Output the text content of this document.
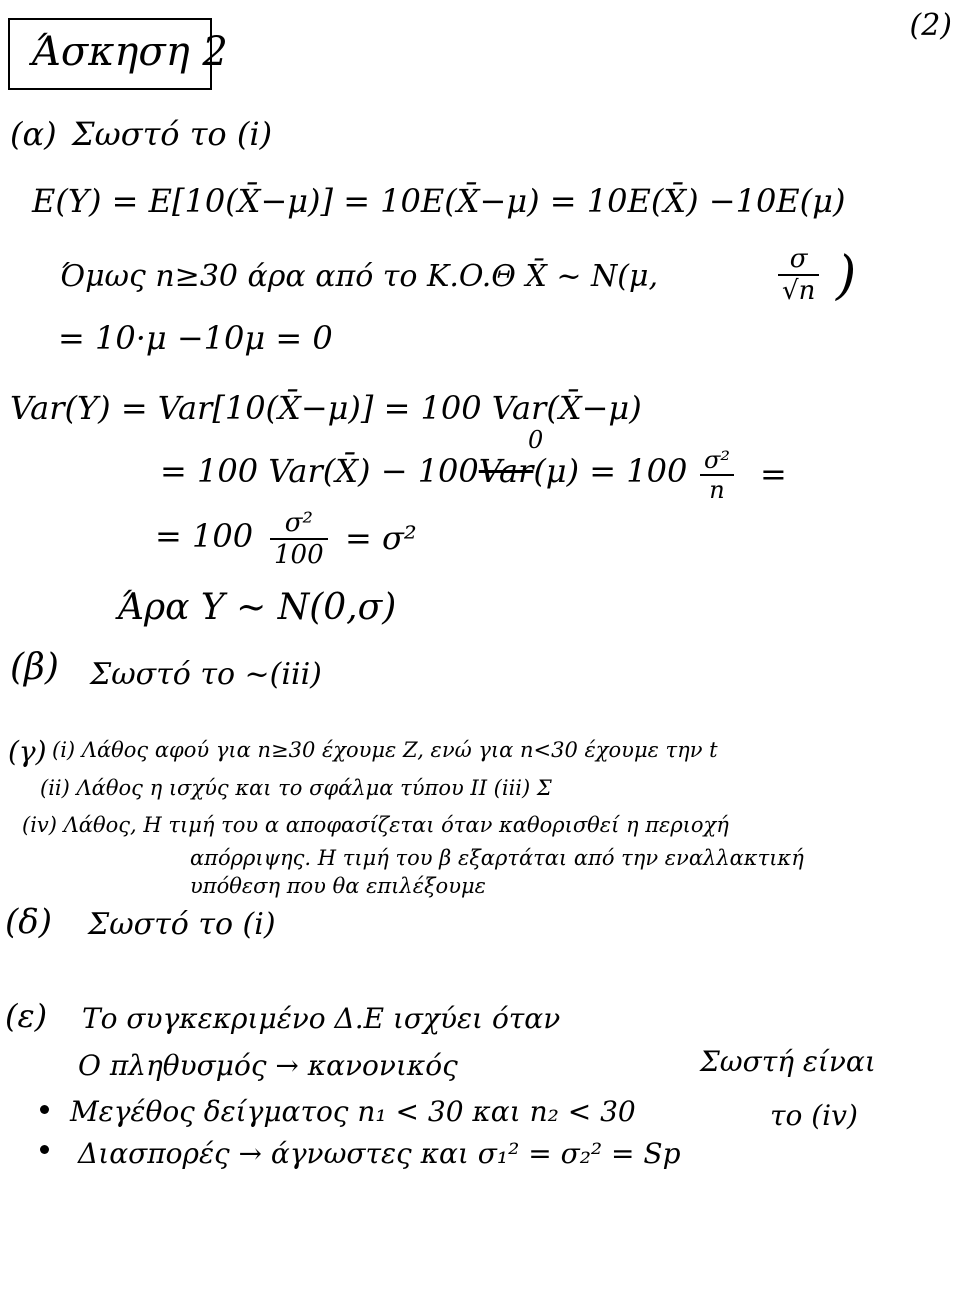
Άσκηση 2
(2)
(α) Σωστό το (i)
E(Y) = E[10(X̄−μ)] = 10E(X̄−μ) = 10E(X̄) −10E(μ)
Όμως n≥30 άρα από το K.O.Θ X̄ ~ N(μ,	$\frac{\sigma}{√n}$ )
= 10·μ −10μ = 0
Var(Y) = Var[10(X̄−μ)] = 100 Var(X̄−μ)
0
= 100 Var(X̄) − $100Var(\mu) = 100 \frac{\text{σ²}}{n}$ =
= $100 \frac{\text{σ²}}{100} = \sigma^2$
Άρα Y ~ N(0,σ)
(β) Σωστό το ~(iii)
(γ) (i) Λάθος αφού για n≥30 έχουμε Z, ενώ για n<30 έχουμε την t
(ii) Λάθος η ισχύς και το σφάλμα τύπου ΙΙ (iii) Σ
(iv) Λάθος, Η τιμή του α αποφασίζεται όταν καθορισθεί η περιοχή
απόρριψης. Η τιμή του β εξαρτάται από την εναλλακτική
υπόθεση που θα επιλέξουμε
(δ) Σωστό το (i)
(ε) Το συγκεκριμένο Δ.Ε ισχύει όταν
Ο πληθυσμός → κανονικός	Σωστή είναι
Μεγέθος δείγματος n₁ < 30 και n₂ < 30	το (iv)
Διασπορές → άγνωστες και σ₁² = σ₂² = Sp
